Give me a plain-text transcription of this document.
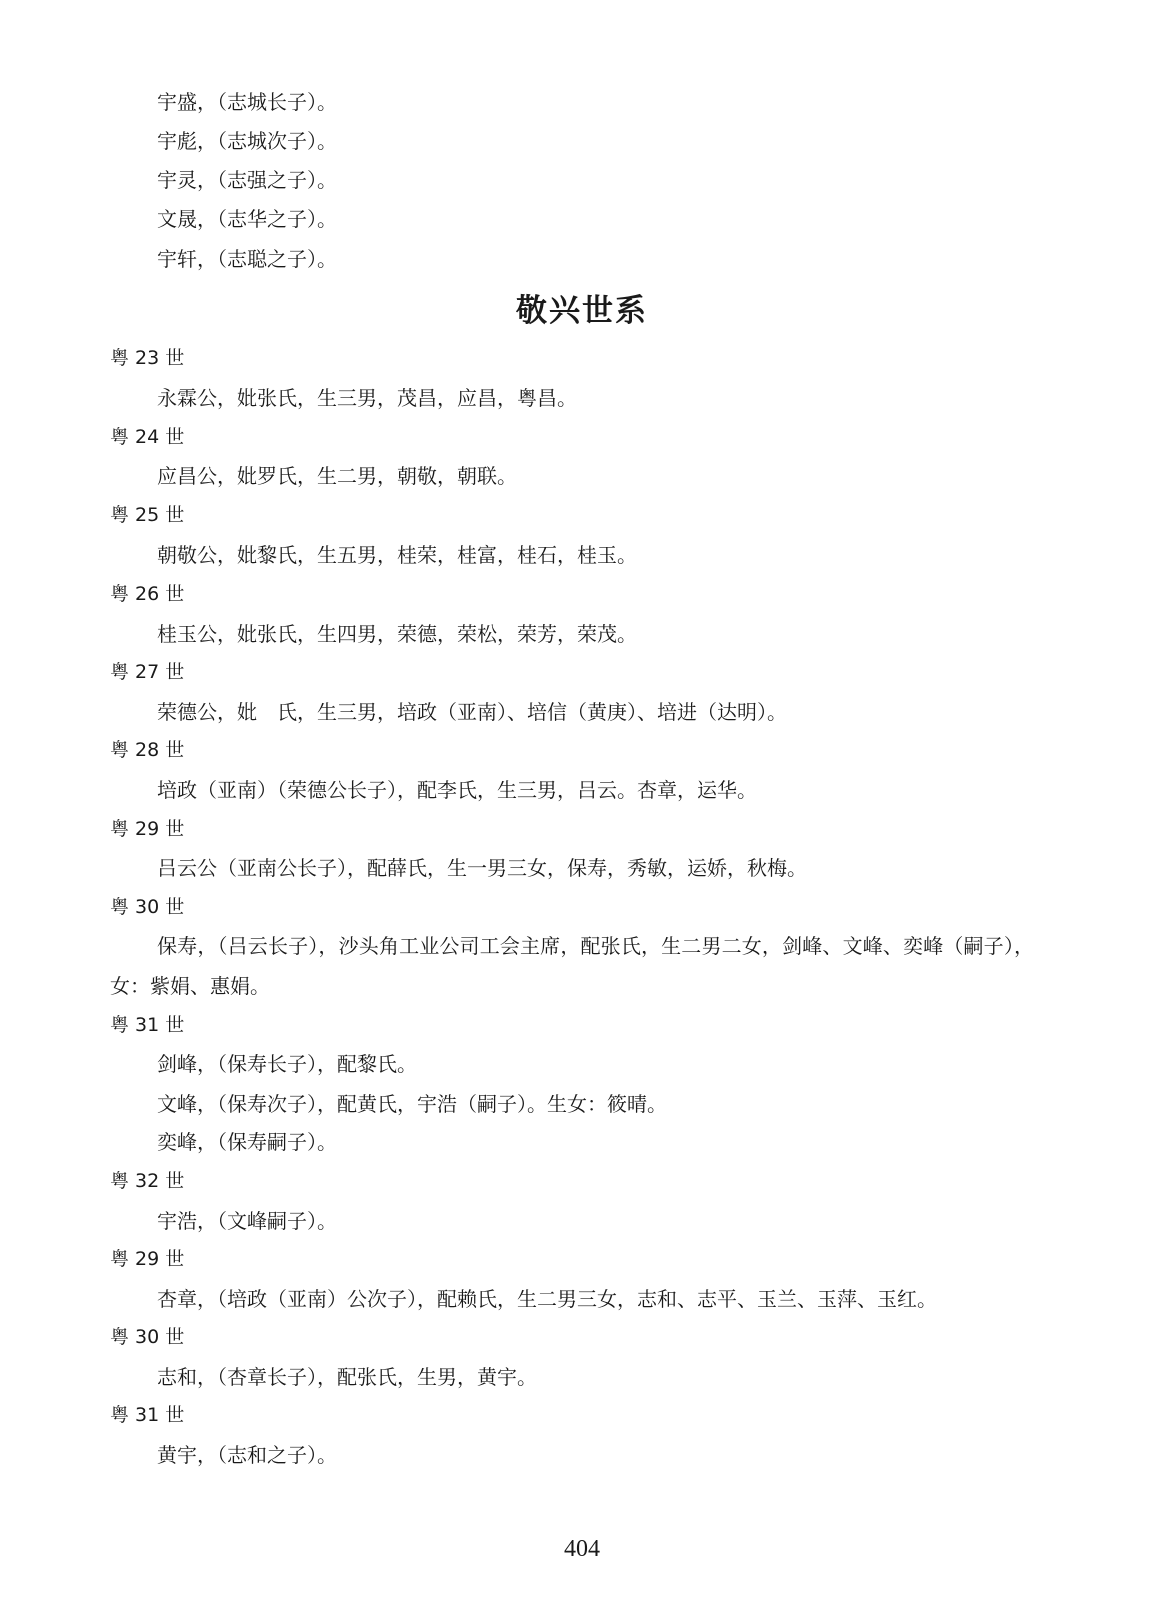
宇盛，（志城长子）。
宇彪，（志城次子）。
宇灵，（志强之子）。
文晟，（志华之子）。
宇轩，（志聪之子）。
敬兴世系
粤 23 世
永霖公，妣张氏，生三男，茂昌，应昌，粤昌。
粤 24 世
应昌公，妣罗氏，生二男，朝敬，朝联。
粤 25 世
朝敬公，妣黎氏，生五男，桂荣，桂富，桂石，桂玉。
粤 26 世
桂玉公，妣张氏，生四男，荣德，荣松，荣芳，荣茂。
粤 27 世
荣德公，妣　氏，生三男，培政（亚南）、培信（黄庚）、培进（达明）。
粤 28 世
培政（亚南）（荣德公长子），配李氏，生三男，吕云。杏章，运华。
粤 29 世
吕云公（亚南公长子），配薛氏，生一男三女，保寿，秀敏，运娇，秋梅。
粤 30 世
保寿，（吕云长子），沙头角工业公司工会主席，配张氏，生二男二女，剑峰、文峰、奕峰（嗣子），女：紫娟、惠娟。
粤 31 世
剑峰，（保寿长子），配黎氏。
文峰，（保寿次子），配黄氏，宇浩（嗣子）。生女：筱晴。
奕峰，（保寿嗣子）。
粤 32 世
宇浩，（文峰嗣子）。
粤 29 世
杏章，（培政（亚南）公次子），配赖氏，生二男三女，志和、志平、玉兰、玉萍、玉红。
粤 30 世
志和，（杏章长子），配张氏，生男，黄宇。
粤 31 世
黄宇，（志和之子）。
404
